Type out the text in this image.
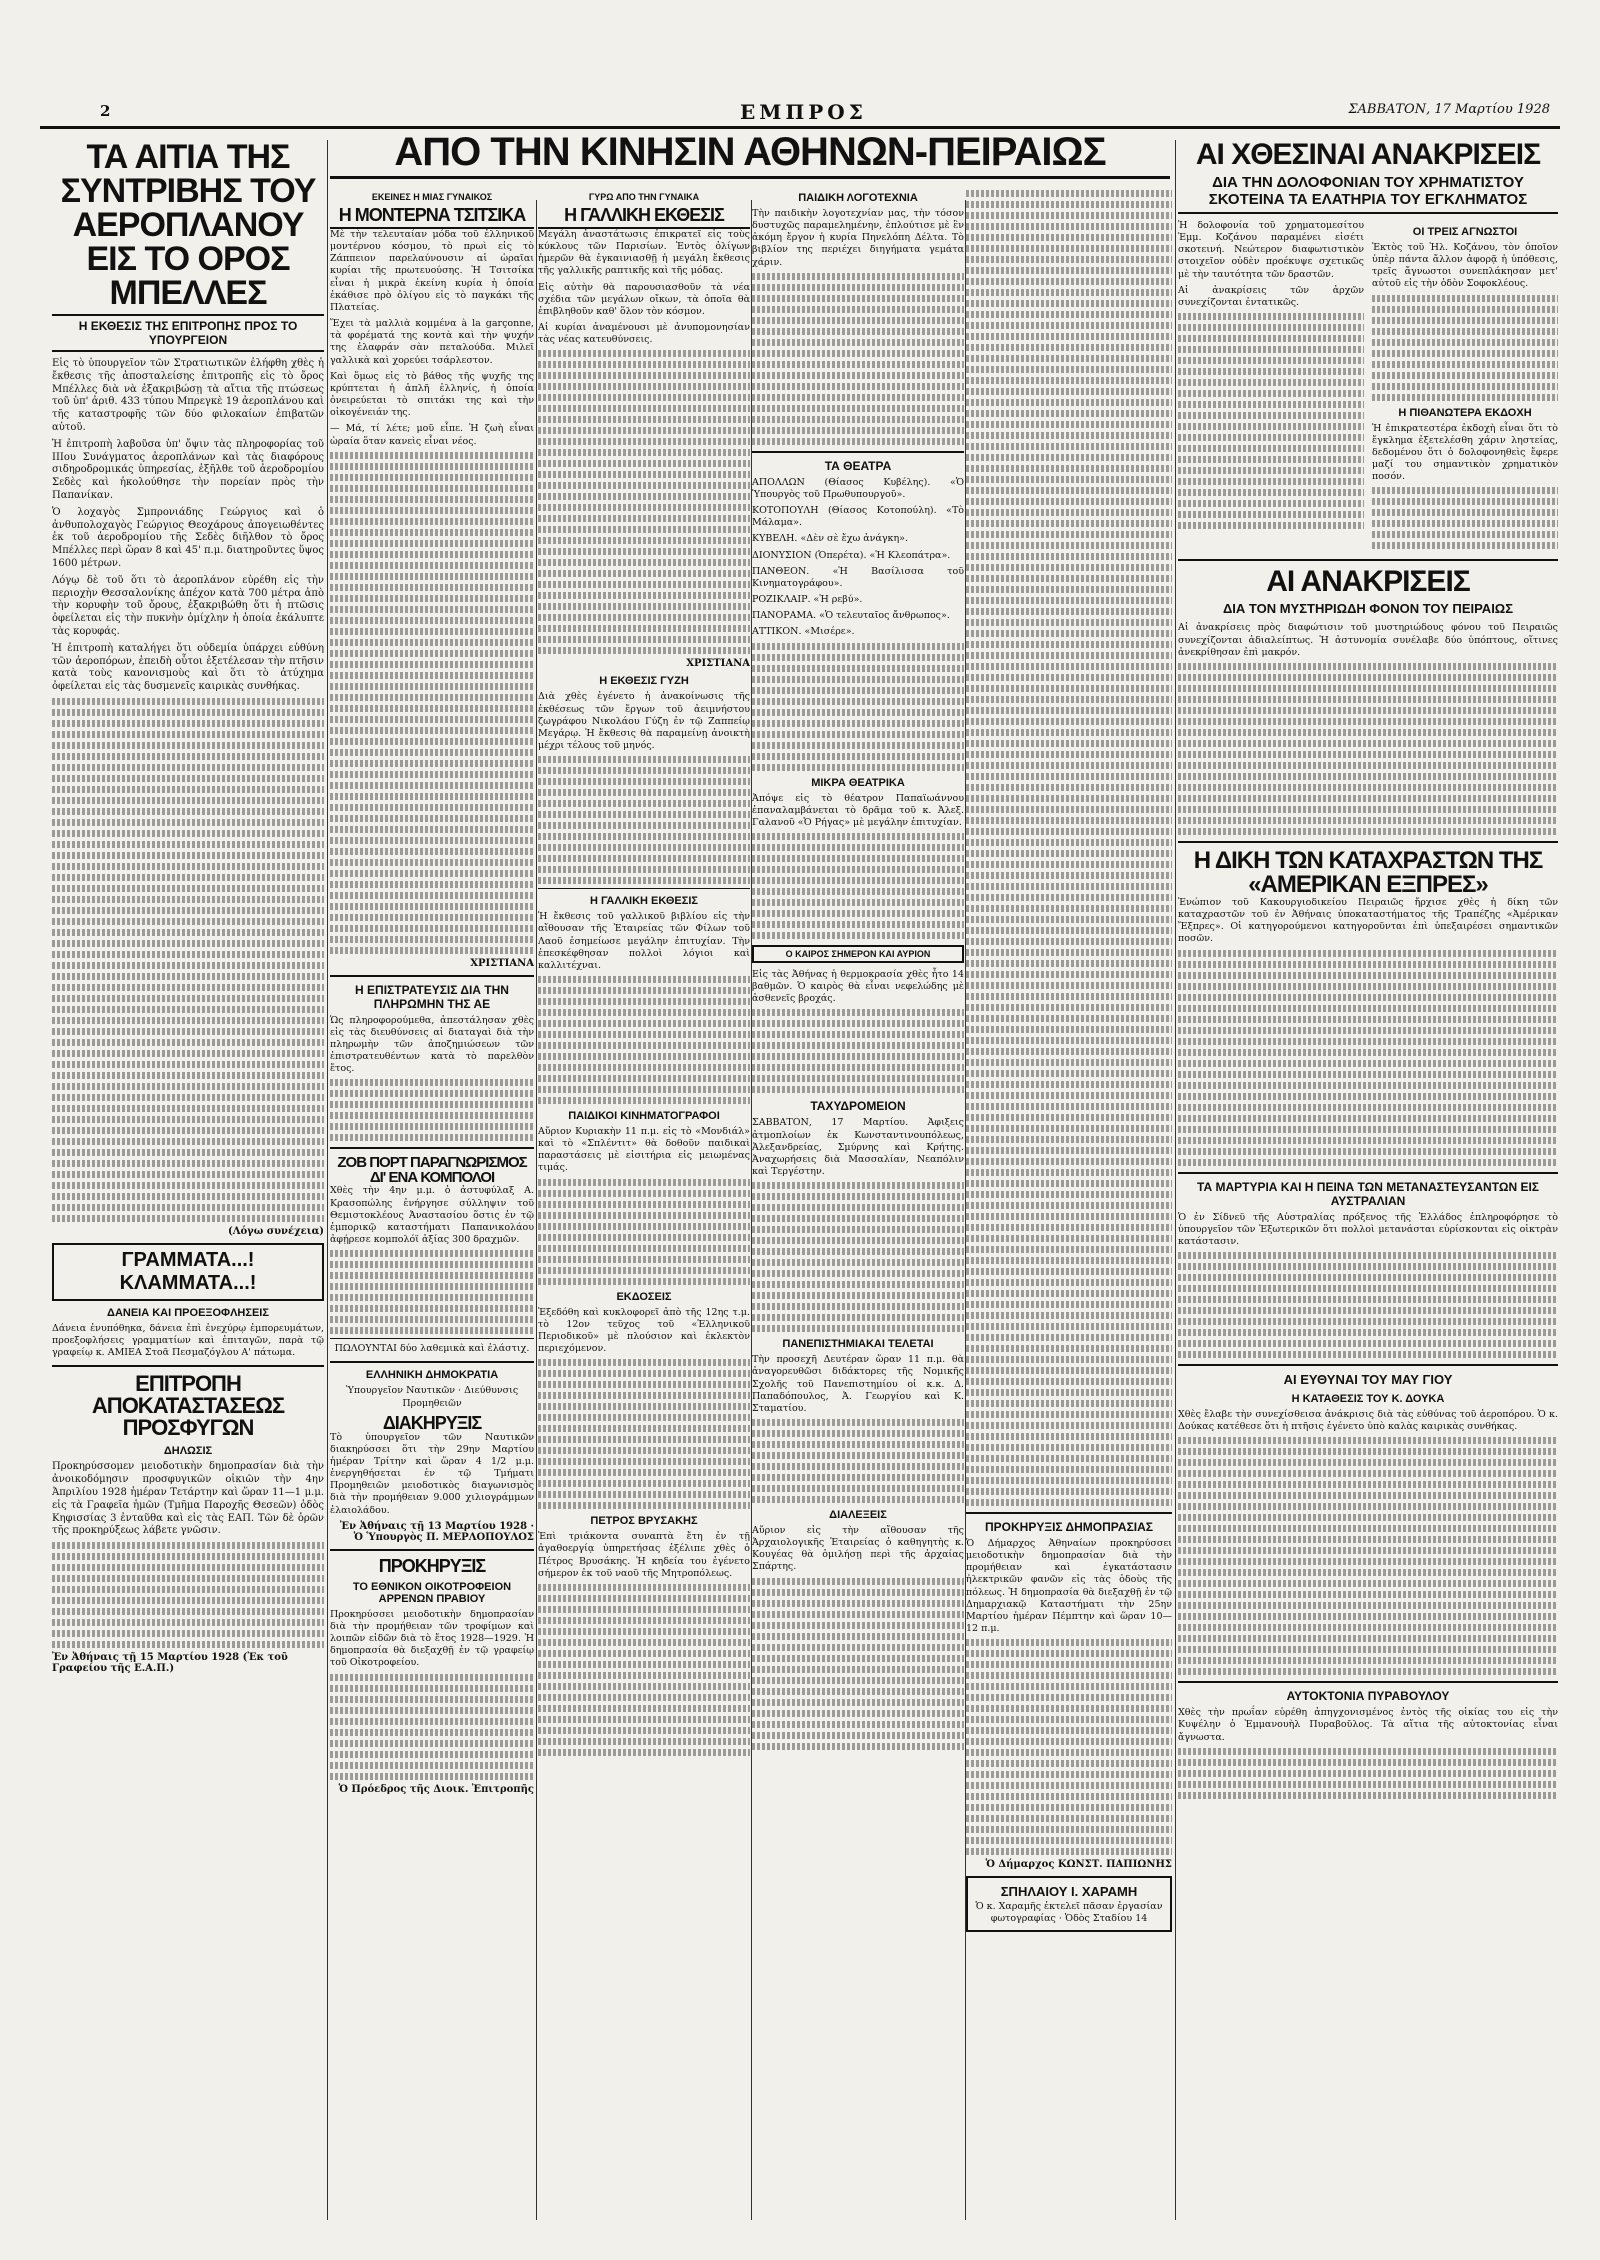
2	ΕΜΠΡΟΣ	ΣΑΒΒΑΤΟΝ, 17 Μαρτίου 1928
ΑΠΟ ΤΗΝ ΚΙΝΗΣΙΝ ΑΘΗΝΩΝ-ΠΕΙΡΑΙΩΣ
ΤΑ ΑΙΤΙΑ ΤΗΣ ΣΥΝΤΡΙΒΗΣ ΤΟΥ ΑΕΡΟΠΛΑΝΟΥ ΕΙΣ ΤΟ ΟΡΟΣ ΜΠΕΛΛΕΣ
Η ΕΚΘΕΣΙΣ ΤΗΣ ΕΠΙΤΡΟΠΗΣ ΠΡΟΣ ΤΟ ΥΠΟΥΡΓΕΙΟΝ

Εἰς τὸ ὑπουργεῖον τῶν Στρατιωτικῶν ἐλήφθη χθὲς ἡ ἔκθεσις τῆς ἀποσταλείσης ἐπιτροπῆς εἰς τὸ ὄρος Μπέλλες διὰ νὰ ἐξακριβώσῃ τὰ αἴτια τῆς πτώσεως τοῦ ὑπ' ἀριθ. 433 τύπου Μπρεγκὲ 19 ἀεροπλάνου καὶ τῆς καταστροφῆς τῶν δύο φιλοκαίων ἐπιβατῶν αὐτοῦ.

Ἡ ἐπιτροπὴ λαβοῦσα ὑπ' ὄψιν τὰς πληροφορίας τοῦ ΙΙΙου Συνάγματος ἀεροπλάνων καὶ τὰς διαφόρους σιδηροδρομικάς ὑπηρεσίας, ἐξῆλθε τοῦ ἀεροδρομίου Σεδὲς καὶ ἠκολούθησε τὴν πορείαν πρὸς τὴν Παπανίκαν.

Ὁ λοχαγὸς Σμπρονιάδης Γεώργιος καὶ ὁ ἀνθυπολοχαγὸς Γεώργιος Θεοχάρους ἀπογειωθέντες ἐκ τοῦ ἀεροδρομίου τῆς Σεδὲς διῆλθον τὸ ὄρος Μπέλλες περὶ ὥραν 8 καὶ 45' π.μ. διατηροῦντες ὕψος 1600 μέτρων.

Λόγῳ δὲ τοῦ ὅτι τὸ ἀεροπλάνον εὑρέθη εἰς τὴν περιοχὴν Θεσσαλονίκης ἀπέχον κατὰ 700 μέτρα ἀπὸ τὴν κορυφὴν τοῦ ὄρους, ἐξακριβώθη ὅτι ἡ πτῶσις ὀφείλεται εἰς τὴν πυκνὴν ὁμίχλην ἡ ὁποία ἐκάλυπτε τὰς κορυφάς.

Ἡ ἐπιτροπὴ καταλήγει ὅτι οὐδεμία ὑπάρχει εὐθύνη τῶν ἀεροπόρων, ἐπειδὴ οὗτοι ἐξετέλεσαν τὴν πτῆσιν κατὰ τοὺς κανονισμοὺς καὶ ὅτι τὸ ἀτύχημα ὀφείλεται εἰς τὰς δυσμενεῖς καιρικὰς συνθήκας.

(Λόγω συνέχεια)
ΓΡΑΜΜΑΤΑ...! ΚΛΑΜΜΑΤΑ...!
ΔΑΝΕΙΑ ΚΑΙ ΠΡΟΕΞΟΦΛΗΣΕΙΣ

Δάνεια ἐνυπόθηκα, δάνεια ἐπὶ ἐνεχύρῳ ἐμπορευμάτων, προεξοφλήσεις γραμματίων καὶ ἐπιταγῶν, παρὰ τῷ γραφείῳ κ. ΑΜΙΕΑ Στοᾶ Πεσμαζόγλου Α' πάτωμα.

ΕΠΙΤΡΟΠΗ ΑΠΟΚΑΤΑΣΤΑΣΕΩΣ ΠΡΟΣΦΥΓΩΝ
ΔΗΛΩΣΙΣ

Προκηρύσσομεν μειοδοτικὴν δημοπρασίαν διὰ τὴν ἀνοικοδόμησιν προσφυγικῶν οἰκιῶν τὴν 4ην Ἀπριλίου 1928 ἡμέραν Τετάρτην καὶ ὥραν 11—1 μ.μ. εἰς τὰ Γραφεῖα ἡμῶν (Τμῆμα Παροχῆς Θεσεῶν) ὁδὸς Κηφισσίας 3 ἐνταῦθα καὶ εἰς τὰς ΕΑΠ. Τῶν δὲ ὁρῶν τῆς προκηρύξεως λάβετε γνῶσιν.

Ἐν Ἀθήναις τῇ 15 Μαρτίου 1928 (Ἐκ τοῦ Γραφείου τῆς Ε.Α.Π.)
ΕΚΕΙΝΕΣ Η ΜΙΑΣ ΓΥΝΑΙΚΟΣ
Η ΜΟΝΤΕΡΝΑ ΤΣΙΤΣΙΚΑ

Μὲ τὴν τελευταίαν μόδα τοῦ ἐλληνικοῦ μοντέρνου κόσμου, τὸ πρωὶ εἰς τὸ Ζάππειον παρελαύνουσιν αἱ ὡραῖαι κυρίαι τῆς πρωτευούσης. Ἡ Τσιτσίκα εἶναι ἡ μικρὰ ἐκείνη κυρία ἡ ὁποία ἐκάθισε πρὸ ὀλίγου εἰς τὸ παγκάκι τῆς Πλατείας.

Ἔχει τὰ μαλλιὰ κομμένα à la garçonne, τὰ φορέματά της κοντὰ καὶ τὴν ψυχήν της ἐλαφράν σὰν πεταλούδα. Μιλεῖ γαλλικὰ καὶ χορεύει τσάρλεστον.

Καὶ ὅμως εἰς τὸ βάθος τῆς ψυχῆς της κρύπτεται ἡ ἁπλῆ ἑλληνίς, ἡ ὁποία ὀνειρεύεται τὸ σπιτάκι της καὶ τὴν οἰκογένειάν της.

— Μά, τί λέτε; μοῦ εἶπε. Ἡ ζωὴ εἶναι ὡραία ὅταν κανεὶς εἶναι νέος.

ΧΡΙΣΤΙΑΝΑ
Η ΕΠΙΣΤΡΑΤΕΥΣΙΣ ΔΙΑ ΤΗΝ ΠΛΗΡΩΜΗΝ ΤΗΣ ΑΕ

Ὡς πληροφορούμεθα, ἀπεστάλησαν χθὲς εἰς τὰς διευθύνσεις αἱ διαταγαὶ διὰ τὴν πληρωμὴν τῶν ἀποζημιώσεων τῶν ἐπιστρατευθέντων κατὰ τὸ παρελθὸν ἔτος.

ΖΟΒ ΠΟΡΤ ΠΑΡΑΓΝΩΡΙΣΜΟΣ ΔΙ' ΕΝΑ ΚΟΜΠΟΛΟΙ

Χθὲς τὴν 4ην μ.μ. ὁ ἀστυφύλαξ Α. Κρασοπώλης ἐνήργησε σύλληψιν τοῦ Θεμιστοκλέους Ἀναστασίου ὅστις ἐν τῷ ἐμπορικῷ καταστήματι Παπανικολάου ἀφῄρεσε κομπολόϊ ἀξίας 300 δραχμῶν.

ΠΩΛΟΥΝΤΑΙ δύο λαθεμικὰ καὶ ἐλάστιχ.

ΕΛΛΗΝΙΚΗ ΔΗΜΟΚΡΑΤΙΑ

Ὑπουργεῖον Ναυτικῶν · Διεύθυνσις Προμηθειῶν

ΔΙΑΚΗΡΥΞΙΣ

Τὸ ὑπουργεῖον τῶν Ναυτικῶν διακηρύσσει ὅτι τὴν 29ην Μαρτίου ἡμέραν Τρίτην καὶ ὥραν 4 1/2 μ.μ. ἐνεργηθήσεται ἐν τῷ Τμήματι Προμηθειῶν μειοδοτικὸς διαγωνισμὸς διὰ τὴν προμήθειαν 9.000 χιλιογράμμων ἐλαιολάδου.

Ἐν Ἀθήναις τῇ 13 Μαρτίου 1928 · Ὁ Ὑπουργὸς Π. ΜΕΡΛΟΠΟΥΛΟΣ
ΠΡΟΚΗΡΥΞΙΣ
ΤΟ ΕΘΝΙΚΟΝ ΟΙΚΟΤΡΟΦΕΙΟΝ ΑΡΡΕΝΩΝ ΠΡΑΒΙΟΥ

Προκηρύσσει μειοδοτικὴν δημοπρασίαν διὰ τὴν προμήθειαν τῶν τροφίμων καὶ λοιπῶν εἰδῶν διὰ τὸ ἔτος 1928—1929. Ἡ δημοπρασία θὰ διεξαχθῇ ἐν τῷ γραφείῳ τοῦ Οἰκοτροφείου.

Ὁ Πρόεδρος τῆς Διοικ. Ἐπιτροπῆς
ΓΥΡΩ ΑΠΟ ΤΗΝ ΓΥΝΑΙΚΑ
Η ΓΑΛΛΙΚΗ ΕΚΘΕΣΙΣ

Μεγάλη ἀναστάτωσις ἐπικρατεῖ εἰς τοὺς κύκλους τῶν Παρισίων. Ἐντὸς ὀλίγων ἡμερῶν θὰ ἐγκαινιασθῇ ἡ μεγάλη ἔκθεσις τῆς γαλλικῆς ραπτικῆς καὶ τῆς μόδας.

Εἰς αὐτὴν θὰ παρουσιασθοῦν τὰ νέα σχέδια τῶν μεγάλων οἴκων, τὰ ὁποῖα θὰ ἐπιβληθοῦν καθ' ὅλον τὸν κόσμον.

Αἱ κυρίαι ἀναμένουσι μὲ ἀνυπομονησίαν τὰς νέας κατευθύνσεις.

ΧΡΙΣΤΙΑΝΑ
Η ΕΚΘΕΣΙΣ ΓΥΖΗ

Διὰ χθὲς ἐγένετο ἡ ἀνακοίνωσις τῆς ἐκθέσεως τῶν ἔργων τοῦ ἀειμνήστου ζωγράφου Νικολάου Γύζη ἐν τῷ Ζαππείῳ Μεγάρῳ. Ἡ ἔκθεσις θὰ παραμείνῃ ἀνοικτὴ μέχρι τέλους τοῦ μηνός.

Η ΓΑΛΛΙΚΗ ΕΚΘΕΣΙΣ

Ἡ ἔκθεσις τοῦ γαλλικοῦ βιβλίου εἰς τὴν αἴθουσαν τῆς Ἑταιρείας τῶν Φίλων τοῦ Λαοῦ ἐσημείωσε μεγάλην ἐπιτυχίαν. Τὴν ἐπεσκέφθησαν πολλοὶ λόγιοι καὶ καλλιτέχναι.

ΠΑΙΔΙΚΟΙ ΚΙΝΗΜΑΤΟΓΡΑΦΟΙ

Αὔριον Κυριακὴν 11 π.μ. εἰς τὸ «Μονδιάλ» καὶ τὸ «Σπλέντιτ» θὰ δοθοῦν παιδικαὶ παραστάσεις μὲ εἰσιτήρια εἰς μειωμένας τιμάς.

ΕΚΔΟΣΕΙΣ

Ἐξεδόθη καὶ κυκλοφορεῖ ἀπὸ τῆς 12ης τ.μ. τὸ 12ον τεῦχος τοῦ «Ἑλληνικοῦ Περιοδικοῦ» μὲ πλούσιον καὶ ἐκλεκτὸν περιεχόμενον.

ΠΕΤΡΟΣ ΒΡΥΣΑΚΗΣ

Ἐπὶ τριάκοντα συναπτὰ ἔτη ἐν τῇ ἀγαθοεργίᾳ ὑπηρετήσας ἐξέλιπε χθὲς ὁ Πέτρος Βρυσάκης. Ἡ κηδεία του ἐγένετο σήμερον ἐκ τοῦ ναοῦ τῆς Μητροπόλεως.

ΠΑΙΔΙΚΗ ΛΟΓΟΤΕΧΝΙΑ

Τὴν παιδικὴν λογοτεχνίαν μας, τὴν τόσον δυστυχῶς παραμελημένην, ἐπλούτισε μὲ ἓν ἀκόμη ἔργον ἡ κυρία Πηνελόπη Δέλτα. Τὸ βιβλίον της περιέχει διηγήματα γεμάτα χάριν.

ΤΑ ΘΕΑΤΡΑ

ΑΠΟΛΛΩΝ (Θίασος Κυβέλης). «Ὁ Ὑπουργὸς τοῦ Πρωθυπουργοῦ».

ΚΟΤΟΠΟΥΛΗ (Θίασος Κοτοπούλη). «Τὸ Μάλαμα».

ΚΥΒΕΛΗ. «Δὲν σὲ ἔχω ἀνάγκη».

ΔΙΟΝΥΣΙΟΝ (Ὁπερέτα). «Ἡ Κλεοπάτρα».

ΠΑΝΘΕΟΝ. «Ἡ Βασίλισσα τοῦ Κινηματογράφου».

ΡΟΖΙΚΛΑΙΡ. «Ἡ ρεβύ».

ΠΑΝΟΡΑΜΑ. «Ὁ τελευταῖος ἄνθρωπος».

ΑΤΤΙΚΟΝ. «Μισέρε».

ΜΙΚΡΑ ΘΕΑΤΡΙΚΑ

Ἀπόψε εἰς τὸ θέατρον Παπαϊωάννου ἐπαναλαμβάνεται τὸ δρᾶμα τοῦ κ. Ἀλεξ. Γαλανοῦ «Ὁ Ρήγας» μὲ μεγάλην ἐπιτυχίαν.

Ο ΚΑΙΡΟΣ ΣΗΜΕΡΟΝ ΚΑΙ ΑΥΡΙΟΝ

Εἰς τὰς Ἀθήνας ἡ θερμοκρασία χθὲς ἦτο 14 βαθμῶν. Ὁ καιρὸς θὰ εἶναι νεφελώδης μὲ ἀσθενεῖς βροχάς.

ΤΑΧΥΔΡΟΜΕΙΟΝ

ΣΑΒΒΑΤΟΝ, 17 Μαρτίου. Ἀφιξεις ἀτμοπλοίων ἐκ Κωνσταντινουπόλεως, Ἀλεξανδρείας, Σμύρνης καὶ Κρήτης. Ἀναχωρήσεις διὰ Μασσαλίαν, Νεαπόλιν καὶ Τεργέστην.

ΠΑΝΕΠΙΣΤΗΜΙΑΚΑΙ ΤΕΛΕΤΑΙ

Τὴν προσεχῆ Δευτέραν ὥραν 11 π.μ. θὰ ἀναγορευθῶσι διδάκτορες τῆς Νομικῆς Σχολῆς τοῦ Πανεπιστημίου οἱ κ.κ. Δ. Παπαδόπουλος, Ἀ. Γεωργίου καὶ Κ. Σταματίου.

ΔΙΑΛΕΞΕΙΣ

Αὔριον εἰς τὴν αἴθουσαν τῆς Ἀρχαιολογικῆς Ἑταιρείας ὁ καθηγητὴς κ. Κουγέας θὰ ὁμιλήσῃ περὶ τῆς ἀρχαίας Σπάρτης.

ΠΡΟΚΗΡΥΞΙΣ ΔΗΜΟΠΡΑΣΙΑΣ

Ὁ Δήμαρχος Ἀθηναίων προκηρύσσει μειοδοτικὴν δημοπρασίαν διὰ τὴν προμήθειαν καὶ ἐγκατάστασιν ἠλεκτρικῶν φανῶν εἰς τὰς ὁδοὺς τῆς πόλεως. Ἡ δημοπρασία θὰ διεξαχθῇ ἐν τῷ Δημαρχιακῷ Καταστήματι τὴν 25ην Μαρτίου ἡμέραν Πέμπτην καὶ ὥραν 10—12 π.μ.

Ὁ Δήμαρχος ΚΩΝΣΤ. ΠΑΠΙΩΝΗΣ
ΣΠΗΛΑΙΟΥ Ι. ΧΑΡΑΜΗ

Ὁ κ. Χαραμῆς ἐκτελεῖ πᾶσαν ἐργασίαν φωτογραφίας · Ὁδὸς Σταδίου 14

ΑΙ ΧΘΕΣΙΝΑΙ ΑΝΑΚΡΙΣΕΙΣ
ΔΙΑ ΤΗΝ ΔΟΛΟΦΟΝΙΑΝ ΤΟΥ ΧΡΗΜΑΤΙΣΤΟΥ ΣΚΟΤΕΙΝΑ ΤΑ ΕΛΑΤΗΡΙΑ ΤΟΥ ΕΓΚΛΗΜΑΤΟΣ

Ἡ δολοφονία τοῦ χρηματομεσίτου Ἐμμ. Κοζάνου παραμένει εἰσέτι σκοτεινή. Νεώτερον διαφωτιστικὸν στοιχεῖον οὐδὲν προέκυψε σχετικῶς μὲ τὴν ταυτότητα τῶν δραστῶν.

Αἱ ἀνακρίσεις τῶν ἀρχῶν συνεχίζονται ἐντατικῶς.

ΟΙ ΤΡΕΙΣ ΑΓΝΩΣΤΟΙ

Ἐκτὸς τοῦ Ἡλ. Κοζάνου, τὸν ὁποῖον ὑπὲρ πάντα ἄλλον ἀφορᾷ ἡ ὑπόθεσις, τρεῖς ἄγνωστοι συνεπλάκησαν μετ' αὐτοῦ εἰς τὴν ὁδὸν Σοφοκλέους.

Η ΠΙΘΑΝΩΤΕΡΑ ΕΚΔΟΧΗ

Ἡ ἐπικρατεστέρα ἐκδοχὴ εἶναι ὅτι τὸ ἔγκλημα ἐξετελέσθη χάριν ληστείας, δεδομένου ὅτι ὁ δολοφονηθεὶς ἔφερε μαζί του σημαντικὸν χρηματικὸν ποσόν.

ΑΙ ΑΝΑΚΡΙΣΕΙΣ
ΔΙΑ ΤΟΝ ΜΥΣΤΗΡΙΩΔΗ ΦΟΝΟΝ ΤΟΥ ΠΕΙΡΑΙΩΣ

Αἱ ἀνακρίσεις πρὸς διαφώτισιν τοῦ μυστηριώδους φόνου τοῦ Πειραιῶς συνεχίζονται ἀδιαλείπτως. Ἡ ἀστυνομία συνέλαβε δύο ὑπόπτους, οἵτινες ἀνεκρίθησαν ἐπὶ μακρόν.

Η ΔΙΚΗ ΤΩΝ ΚΑΤΑΧΡΑΣΤΩΝ ΤΗΣ «ΑΜΕΡΙΚΑΝ ΕΞΠΡΕΣ»

Ἐνώπιον τοῦ Κακουργιοδικείου Πειραιῶς ἤρχισε χθὲς ἡ δίκη τῶν καταχραστῶν τοῦ ἐν Ἀθήναις ὑποκαταστήματος τῆς Τραπέζης «Ἀμέρικαν Ἔξπρες». Οἱ κατηγορούμενοι κατηγοροῦνται ἐπὶ ὑπεξαιρέσει σημαντικῶν ποσῶν.

ΤΑ ΜΑΡΤΥΡΙΑ ΚΑΙ Η ΠΕΙΝΑ ΤΩΝ ΜΕΤΑΝΑΣΤΕΥΣΑΝΤΩΝ ΕΙΣ ΑΥΣΤΡΑΛΙΑΝ

Ὁ ἐν Σίδνεϋ τῆς Αὐστραλίας πρόξενος τῆς Ἑλλάδος ἐπληροφόρησε τὸ ὑπουργεῖον τῶν Ἐξωτερικῶν ὅτι πολλοὶ μετανάσται εὑρίσκονται εἰς οἰκτρὰν κατάστασιν.

ΑΙ ΕΥΘΥΝΑΙ ΤΟΥ ΜΑΥ ΓΙΟΥ
Η ΚΑΤΑΘΕΣΙΣ ΤΟΥ Κ. ΔΟΥΚΑ

Χθὲς ἔλαβε τὴν συνεχίσθεισα ἀνάκρισις διὰ τὰς εὐθύνας τοῦ ἀεροπόρου. Ὁ κ. Δούκας κατέθεσε ὅτι ἡ πτῆσις ἐγένετο ὑπὸ καλὰς καιρικὰς συνθήκας.

ΑΥΤΟΚΤΟΝΙΑ ΠΥΡΑΒΟΥΛΟΥ

Χθὲς τὴν πρωΐαν εὑρέθη ἀπηγχονισμένος ἐντὸς τῆς οἰκίας του εἰς τὴν Κυψέλην ὁ Ἐμμανουὴλ Πυραβοῦλος. Τὰ αἴτια τῆς αὐτοκτονίας εἶναι ἄγνωστα.
